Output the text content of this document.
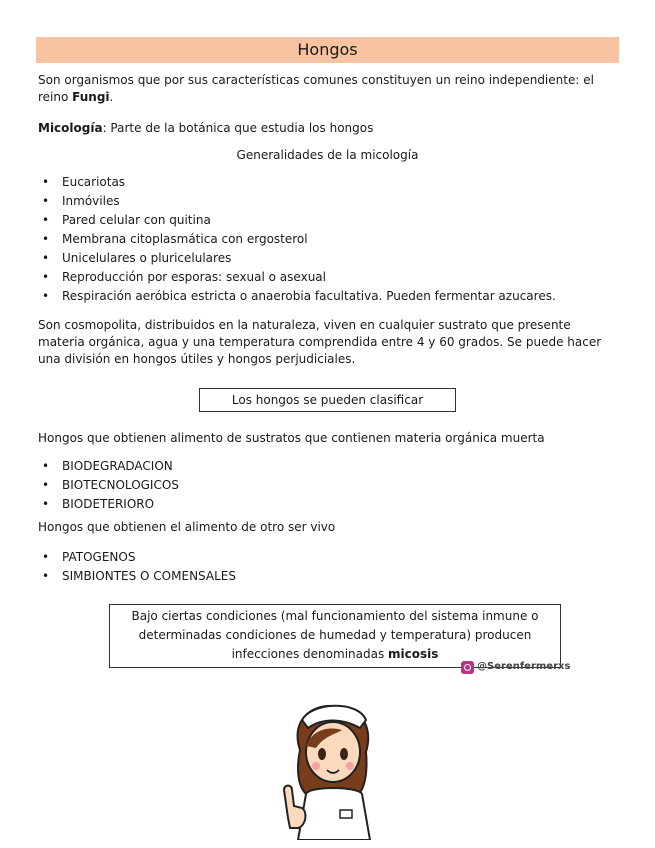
Hongos
Son organismos que por sus características comunes constituyen un reino independiente: el reino Fungi.
Micología: Parte de la botánica que estudia los hongos
Generalidades de la micología
• Eucariotas
• Inmóviles
• Pared celular con quitina
• Membrana citoplasmática con ergosterol
• Unicelulares o pluricelulares
• Reproducción por esporas: sexual o asexual
• Respiración aeróbica estricta o anaerobia facultativa. Pueden fermentar azucares.
Son cosmopolita, distribuidos en la naturaleza, viven en cualquier sustrato que presente materia orgánica, agua y una temperatura comprendida entre 4 y 60 grados. Se puede hacer una división en hongos útiles y hongos perjudiciales.
Los hongos se pueden clasificar
Hongos que obtienen alimento de sustratos que contienen materia orgánica muerta
• BIODEGRADACION
• BIOTECNOLOGICOS
• BIODETERIORO
Hongos que obtienen el alimento de otro ser vivo
• PATOGENOS
• SIMBIONTES O COMENSALES
Bajo ciertas condiciones (mal funcionamiento del sistema inmune o determinadas condiciones de humedad y temperatura) producen infecciones denominadas micosis
@Serenfermerxs
